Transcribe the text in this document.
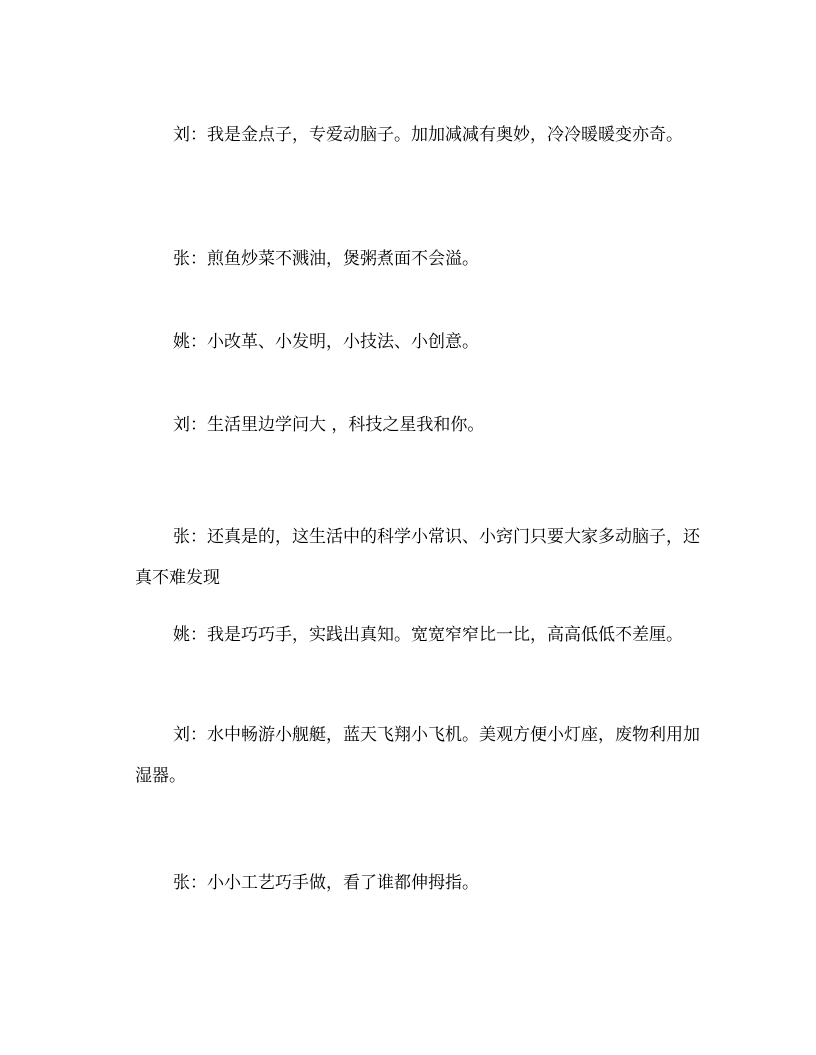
刘：我是金点子，专爱动脑子。加加减减有奥妙，冷冷暖暖变亦奇。

张：煎鱼炒菜不溅油，煲粥煮面不会溢。

姚：小改革、小发明，小技法、小创意。

刘：生活里边学问大 ，科技之星我和你。

张：还真是的，这生活中的科学小常识、小窍门只要大家多动脑子，还真不难发现

姚：我是巧巧手，实践出真知。宽宽窄窄比一比，高高低低不差厘。

刘：水中畅游小舰艇，蓝天飞翔小飞机。美观方便小灯座，废物利用加湿器。

张：小小工艺巧手做，看了谁都伸拇指。
